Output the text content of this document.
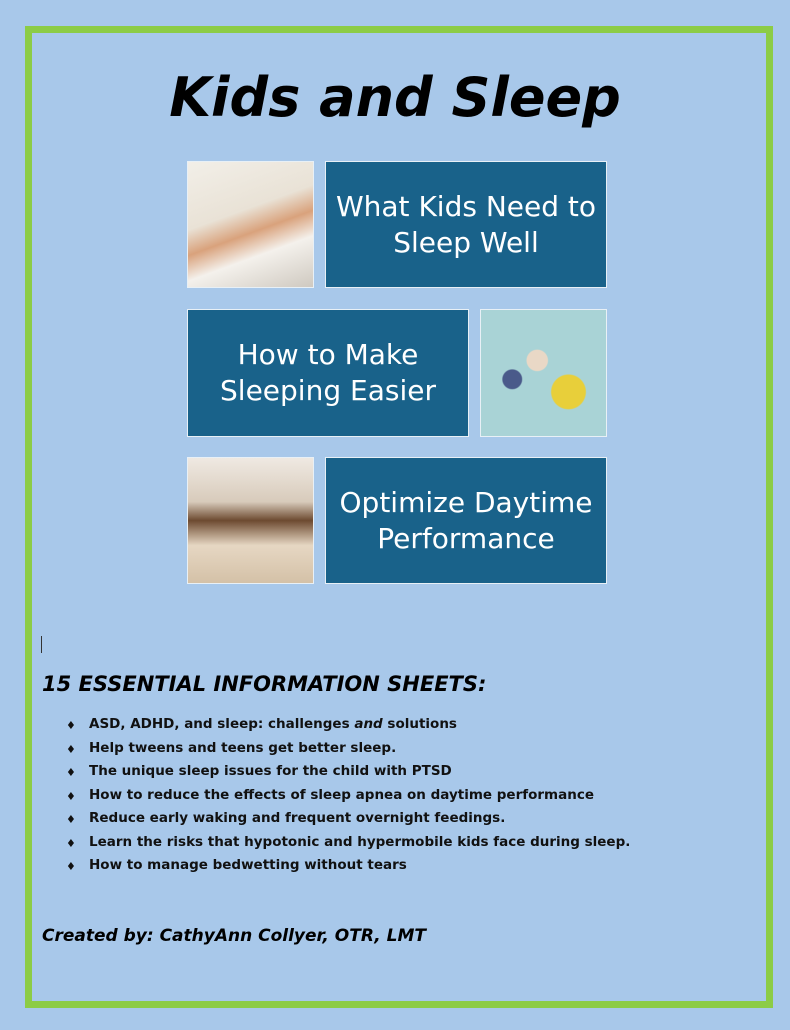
Kids and Sleep
What Kids Need to Sleep Well
How to Make Sleeping Easier
Optimize Daytime Performance
15 ESSENTIAL INFORMATION SHEETS:
♦ ASD, ADHD, and sleep: challenges and solutions
♦ Help tweens and teens get better sleep.
♦ The unique sleep issues for the child with PTSD
♦ How to reduce the effects of sleep apnea on daytime performance
♦ Reduce early waking and frequent overnight feedings.
♦ Learn the risks that hypotonic and hypermobile kids face during sleep.
♦ How to manage bedwetting without tears
Created by: CathyAnn Collyer, OTR, LMT
